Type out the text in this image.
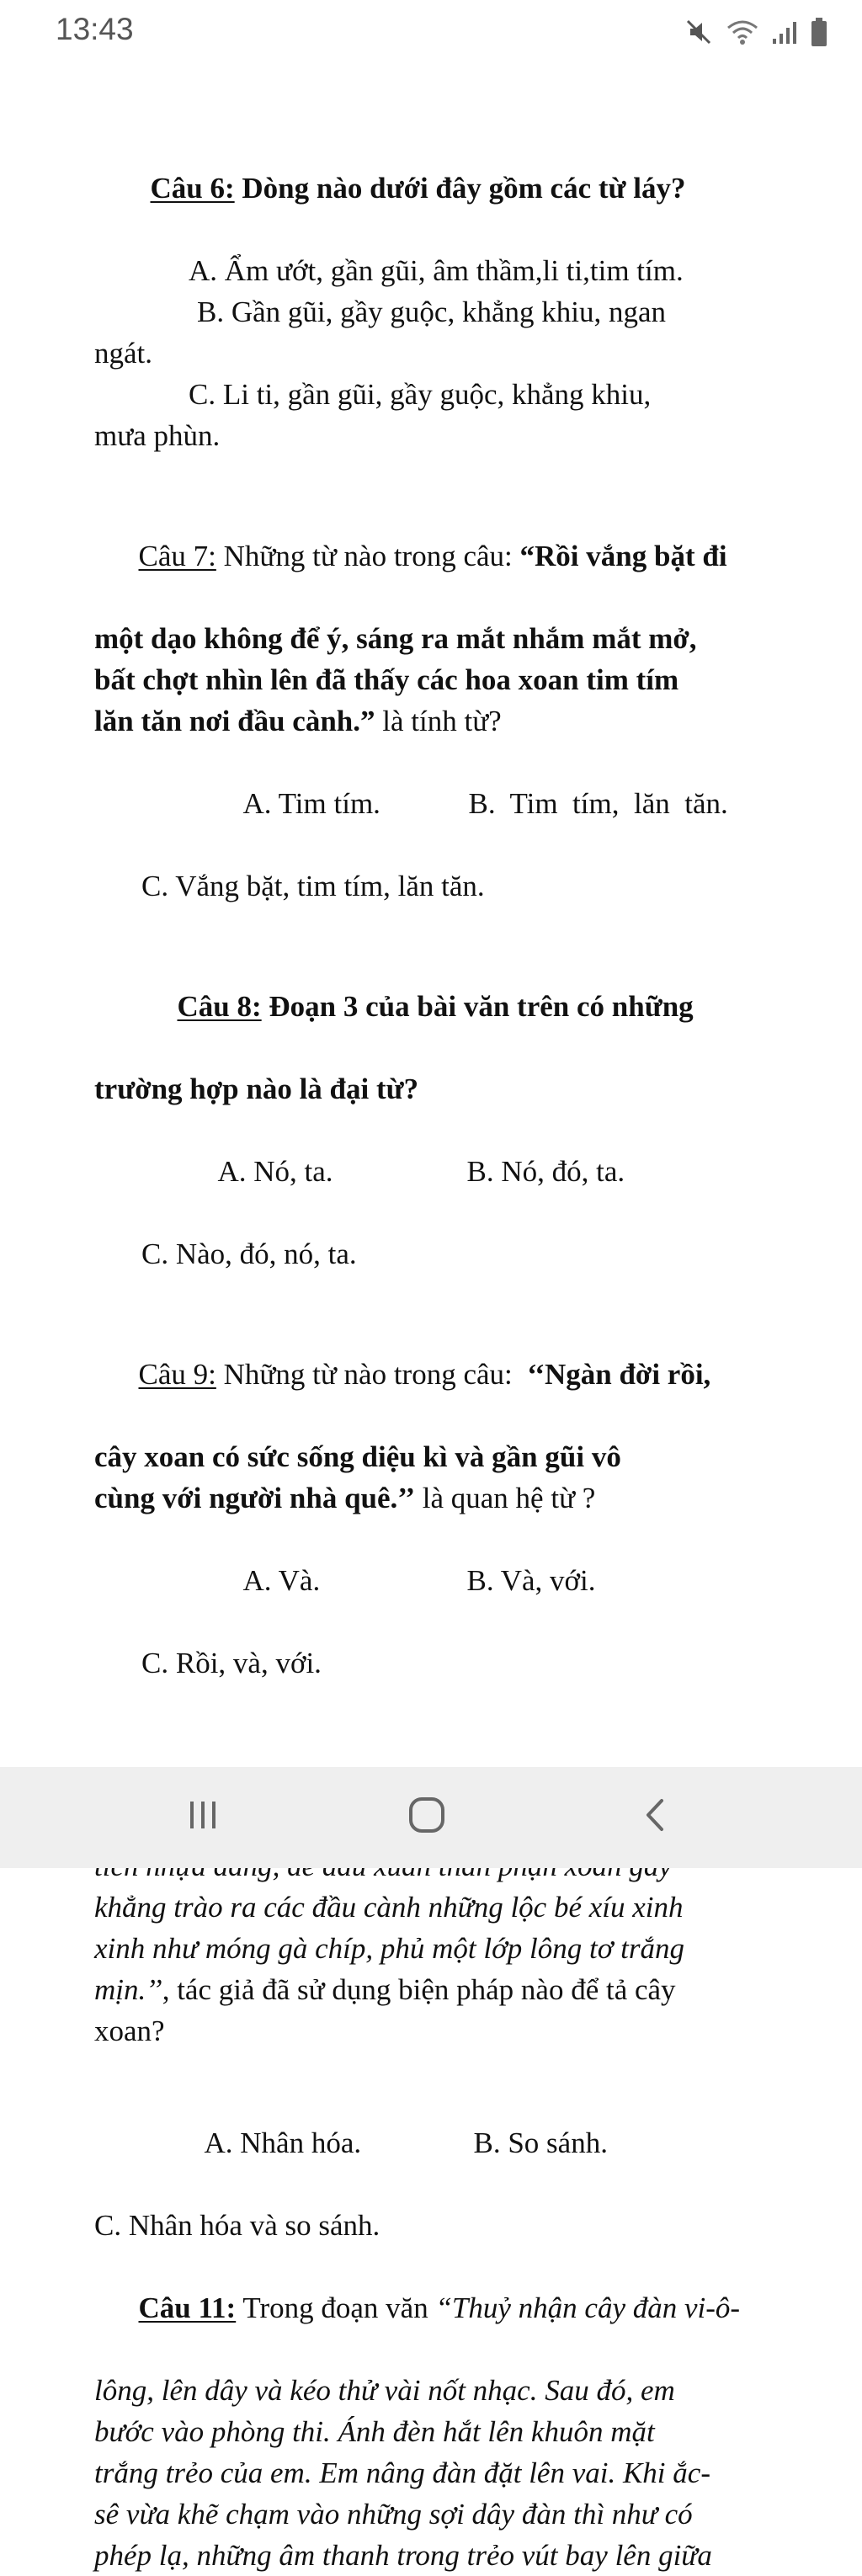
13:43

Câu 6: Dòng nào dưới đây gồm các từ láy?

A. Ẩm ướt, gần gũi, âm thầm,li ti,tim tím.
B. Gần gũi, gầy guộc, khẳng khiu, ngan
ngát.
C. Li ti, gần gũi, gầy guộc, khẳng khiu,
mưa phùn.

Câu 7: Những từ nào trong câu: “Rồi vắng bặt đi

một dạo không để ý, sáng ra mắt nhắm mắt mở,
bất chợt nhìn lên đã thấy các hoa xoan tim tím
lăn tăn nơi đầu cành.” là tính từ?

A. Tim tím.	B.  Tim  tím,  lăn  tăn.

C. Vắng bặt, tim tím, lăn tăn.

Câu 8: Đoạn 3 của bài văn trên có những

trường hợp nào là đại từ?

A. Nó, ta.	B. Nó, đó, ta.

C. Nào, đó, nó, ta.

Câu 9: Những từ nào trong câu:  ‘‘Ngàn đời rồi,

cây xoan có sức sống diệu kì và gần gũi vô
cùng với người nhà quê.’’ là quan hệ từ ?

A. Và.	B. Và, với.

C. Rồi, và, với.

khẳng trào ra các đầu cành những lộc bé xíu xinh
xinh như móng gà chíp, phủ một lớp lông tơ trắng
mịn.’’, tác giả đã sử dụng biện pháp nào để tả cây
xoan?

A. Nhân hóa.	B. So sánh.

C. Nhân hóa và so sánh.

Câu 11: Trong đoạn văn “Thuỷ nhận cây đàn vi-ô-

lông, lên dây và kéo thử vài nốt nhạc. Sau đó, em
bước vào phòng thi. Ánh đèn hắt lên khuôn mặt
trắng trẻo của em. Em nâng đàn đặt lên vai. Khi ắc-
sê vừa khẽ chạm vào những sợi dây đàn thì như có
phép lạ, những âm thanh trong trẻo vút bay lên giữa
